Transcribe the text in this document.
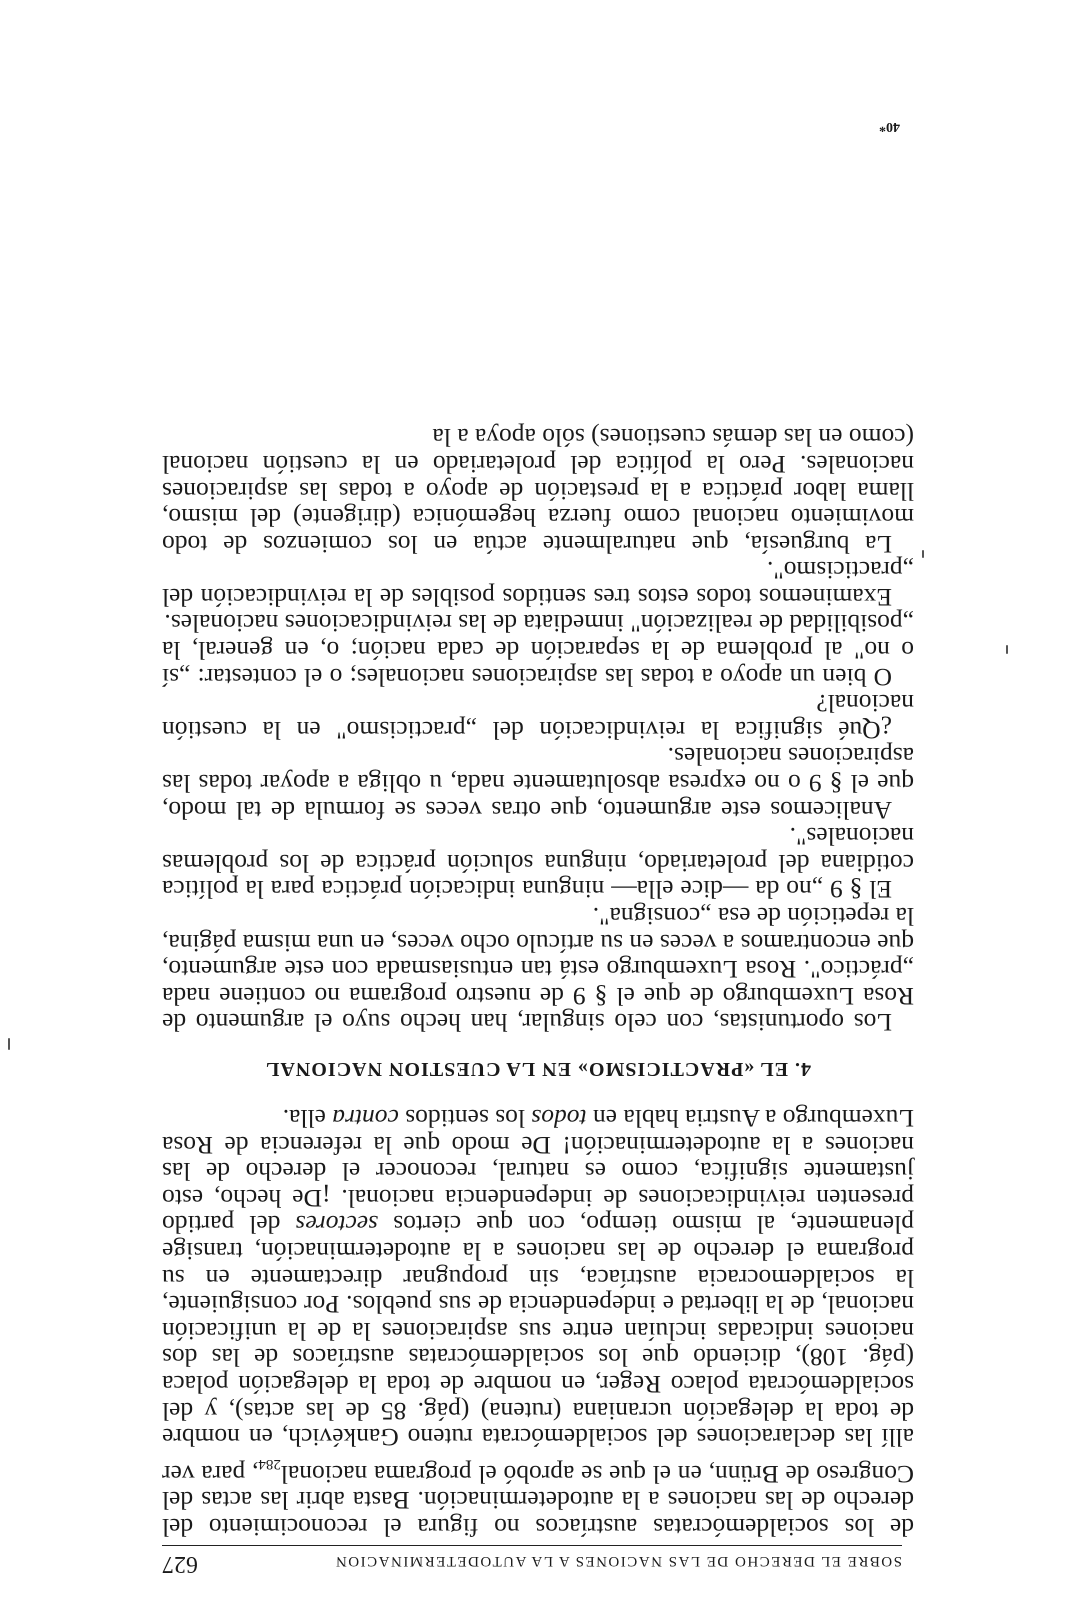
SOBRE EL DERECHO DE LAS NACIONES A LA AUTODETERMINACION
627

de los socialdemócratas austríacos no figura el reconocimiento del derecho de las naciones a la autodeterminación. Basta abrir las actas del Congreso de Brünn, en el que se aprobó el programa nacional$_{284}$, para ver allí las declaraciones del socialdemócrata ruteno Gankévich, en nombre de toda la delegación ucraniana (rutena) (pág. 85 de las actas), y del socialdemócrata polaco Reger, en nombre de toda la delegación polaca (pág. 108), diciendo que los socialdemócratas austríacos de las dos naciones indicadas incluían entre sus aspiraciones la de la unificación nacional, de la libertad e independencia de sus pueblos. Por consiguiente, la socialdemocracia austríaca, sin propugnar directamente en su programa el derecho de las naciones a la autodeterminación, transige plenamente, al mismo tiempo, con que ciertos sectores del partido presenten reivindicaciones de independencia nacional. ¡De hecho, esto justamente significa, como es natural, reconocer el derecho de las naciones a la autodeterminación! De modo que la referencia de Rosa Luxemburgo a Austria habla en todos los sentidos contra ella.

4. EL «PRACTICISMO» EN LA CUESTION NACIONAL

Los oportunistas, con celo singular, han hecho suyo el argumento de Rosa Luxemburgo de que el § 9 de nuestro programa no contiene nada „práctico". Rosa Luxemburgo está tan entusiasmada con este argumento, que encontramos a veces en su artículo ocho veces, en una misma página, la repetición de esa „consigna".

El § 9 „no da —dice ella— ninguna indicación práctica para la política cotidiana del proletariado, ninguna solución práctica de los problemas nacionales".

Analicemos este argumento, que otras veces se formula de tal modo, que el § 9 o no expresa absolutamente nada, u obliga a apoyar todas las aspiraciones nacionales.

¿Qué significa la reivindicación del „practicismo" en la cuestión nacional?

O bien un apoyo a todas las aspiraciones nacionales; o el contestar: „sí o no" al problema de la separación de cada nación; o, en general, la „posibilidad de realización" inmediata de las reivindicaciones nacionales.

Examinemos todos estos tres sentidos posibles de la reivindicación del „practicismo".

La burguesía, que naturalmente actúa en los comienzos de todo movimiento nacional como fuerza hegemónica (dirigente) del mismo, llama labor práctica a la prestación de apoyo a todas las aspiraciones nacionales. Pero la política del proletariado en la cuestión nacional (como en las demás cuestiones) sólo apoya a la

40*
